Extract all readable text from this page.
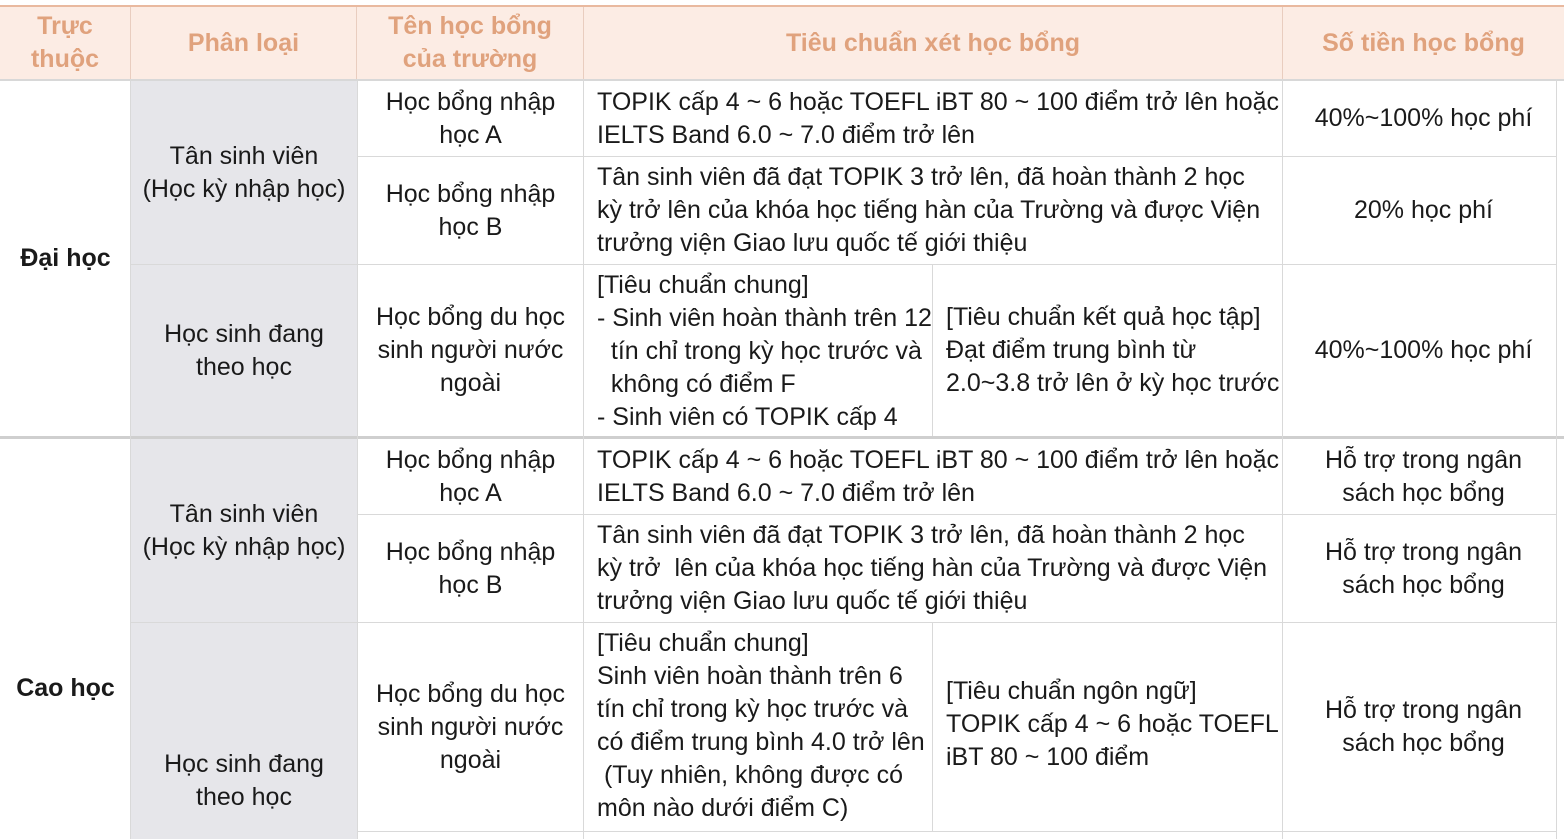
Trực
thuộc
Phân loại
Tên học bổng
của trường
Tiêu chuẩn xét học bổng	Số tiền học bổng
Đại học
Tân sinh viên
(Học kỳ nhập học)
Học sinh đang
theo học
Học bổng nhập
học A
TOPIK cấp 4 ~ 6 hoặc TOEFL iBT 80 ~ 100 điểm trở lên hoặc
IELTS Band 6.0 ~ 7.0 điểm trở lên
40%~100% học phí
Học bổng nhập
học B
Tân sinh viên đã đạt TOPIK 3 trở lên, đã hoàn thành 2 học
kỳ trở lên của khóa học tiếng hàn của Trường và được Viện
trưởng viện Giao lưu quốc tế giới thiệu
20% học phí
Học bổng du học
sinh người nước
ngoài
[Tiêu chuẩn chung]
- Sinh viên hoàn thành trên 12
tín chỉ trong kỳ học trước và
không có điểm F
- Sinh viên có TOPIK cấp 4
[Tiêu chuẩn kết quả học tập]
Đạt điểm trung bình từ
2.0~3.8 trở lên ở kỳ học trước
40%~100% học phí
Cao học
Tân sinh viên
(Học kỳ nhập học)
Học sinh đang
theo học
Học bổng nhập
học A
TOPIK cấp 4 ~ 6 hoặc TOEFL iBT 80 ~ 100 điểm trở lên hoặc
IELTS Band 6.0 ~ 7.0 điểm trở lên
Hỗ trợ trong ngân
sách học bổng
Học bổng nhập
học B
Tân sinh viên đã đạt TOPIK 3 trở lên, đã hoàn thành 2 học
kỳ trở  lên của khóa học tiếng hàn của Trường và được Viện
trưởng viện Giao lưu quốc tế giới thiệu
Hỗ trợ trong ngân
sách học bổng
Học bổng du học
sinh người nước
ngoài
[Tiêu chuẩn chung]
Sinh viên hoàn thành trên 6
tín chỉ trong kỳ học trước và
có điểm trung bình 4.0 trở lên
(Tuy nhiên, không được có
môn nào dưới điểm C)
[Tiêu chuẩn ngôn ngữ]
TOPIK cấp 4 ~ 6 hoặc TOEFL
iBT 80 ~ 100 điểm
Hỗ trợ trong ngân
sách học bổng
